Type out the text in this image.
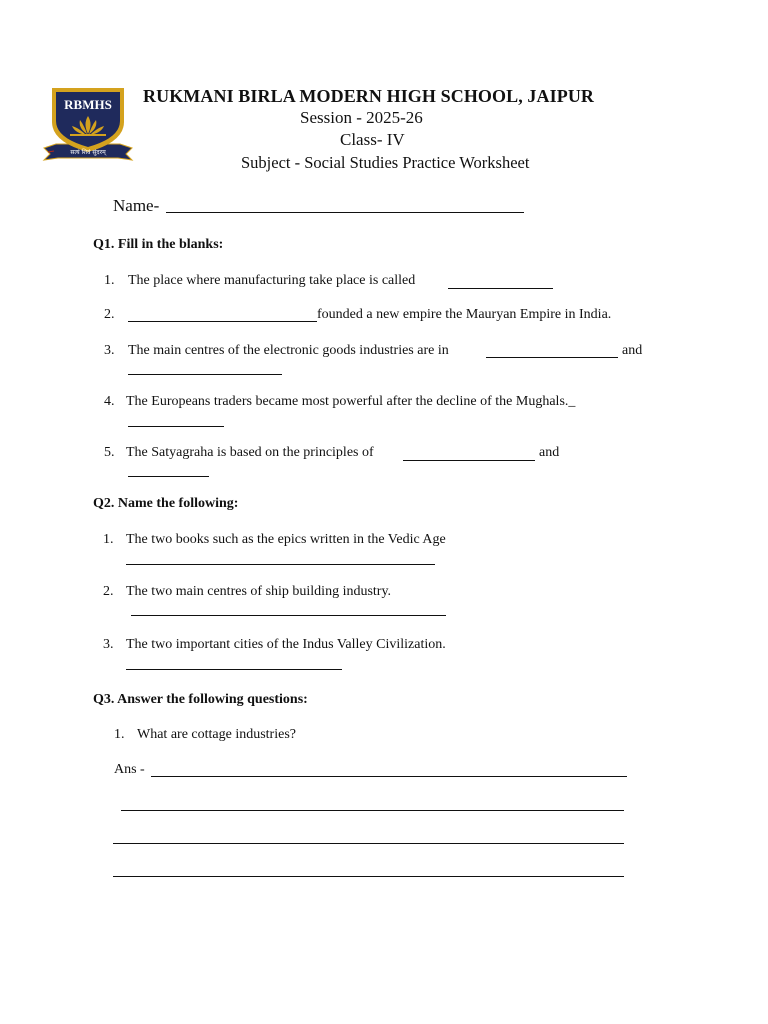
RBMHS
सत्यं शिवं सुंदरम्
RUKMANI BIRLA MODERN HIGH SCHOOL, JAIPUR
Session - 2025-26
Class- IV
Subject - Social Studies Practice Worksheet
Name-
Q1. Fill in the blanks:
1. The place where manufacturing take place is called
2.	founded a new empire the Mauryan Empire in India.
3. The main centres of the electronic goods industries are in	and
4. The Europeans traders became most powerful after the decline of the Mughals._
5. The Satyagraha is based on the principles of	and
Q2. Name the following:
1. The two books such as the epics written in the Vedic Age
2. The two main centres of ship building industry.
3. The two important cities of the Indus Valley Civilization.
Q3. Answer the following questions:
1. What are cottage industries?
Ans -
